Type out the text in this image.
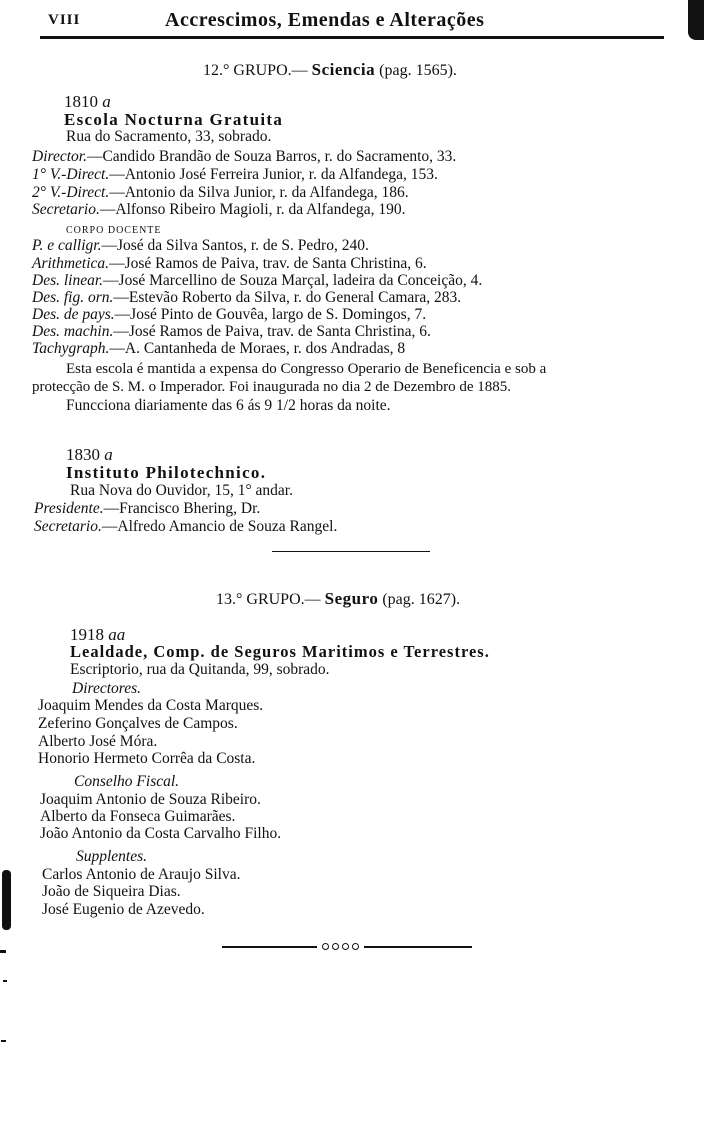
VIII	Accrescimos, Emendas e Alterações
12.° GRUPO.— Sciencia (pag. 1565).
1810 a
Escola Nocturna Gratuita
Rua do Sacramento, 33, sobrado.
Director.—Candido Brandão de Souza Barros, r. do Sacramento, 33.
1° V.-Direct.—Antonio José Ferreira Junior, r. da Alfandega, 153.
2° V.-Direct.—Antonio da Silva Junior, r. da Alfandega, 186.
Secretario.—Alfonso Ribeiro Magioli, r. da Alfandega, 190.
CORPO DOCENTE
P. e calligr.—José da Silva Santos, r. de S. Pedro, 240.
Arithmetica.—José Ramos de Paiva, trav. de Santa Christina, 6.
Des. linear.—José Marcellino de Souza Marçal, ladeira da Conceição, 4.
Des. fig. orn.—Estevão Roberto da Silva, r. do General Camara, 283.
Des. de pays.—José Pinto de Gouvêa, largo de S. Domingos, 7.
Des. machin.—José Ramos de Paiva, trav. de Santa Christina, 6.
Tachygraph.—A. Cantanheda de Moraes, r. dos Andradas, 8
Esta escola é mantida a expensa do Congresso Operario de Beneficencia e sob a
protecção de S. M. o Imperador. Foi inaugurada no dia 2 de Dezembro de 1885.
Funcciona diariamente das 6 ás 9 1/2 horas da noite.
1830 a
Instituto Philotechnico.
Rua Nova do Ouvidor, 15, 1° andar.
Presidente.—Francisco Bhering, Dr.
Secretario.—Alfredo Amancio de Souza Rangel.
13.° GRUPO.— Seguro (pag. 1627).
1918 aa
Lealdade, Comp. de Seguros Maritimos e Terrestres.
Escriptorio, rua da Quitanda, 99, sobrado.
Directores.
Joaquim Mendes da Costa Marques.
Zeferino Gonçalves de Campos.
Alberto José Móra.
Honorio Hermeto Corrêa da Costa.
Conselho Fiscal.
Joaquim Antonio de Souza Ribeiro.
Alberto da Fonseca Guimarães.
João Antonio da Costa Carvalho Filho.
Supplentes.
Carlos Antonio de Araujo Silva.
João de Siqueira Dias.
José Eugenio de Azevedo.
